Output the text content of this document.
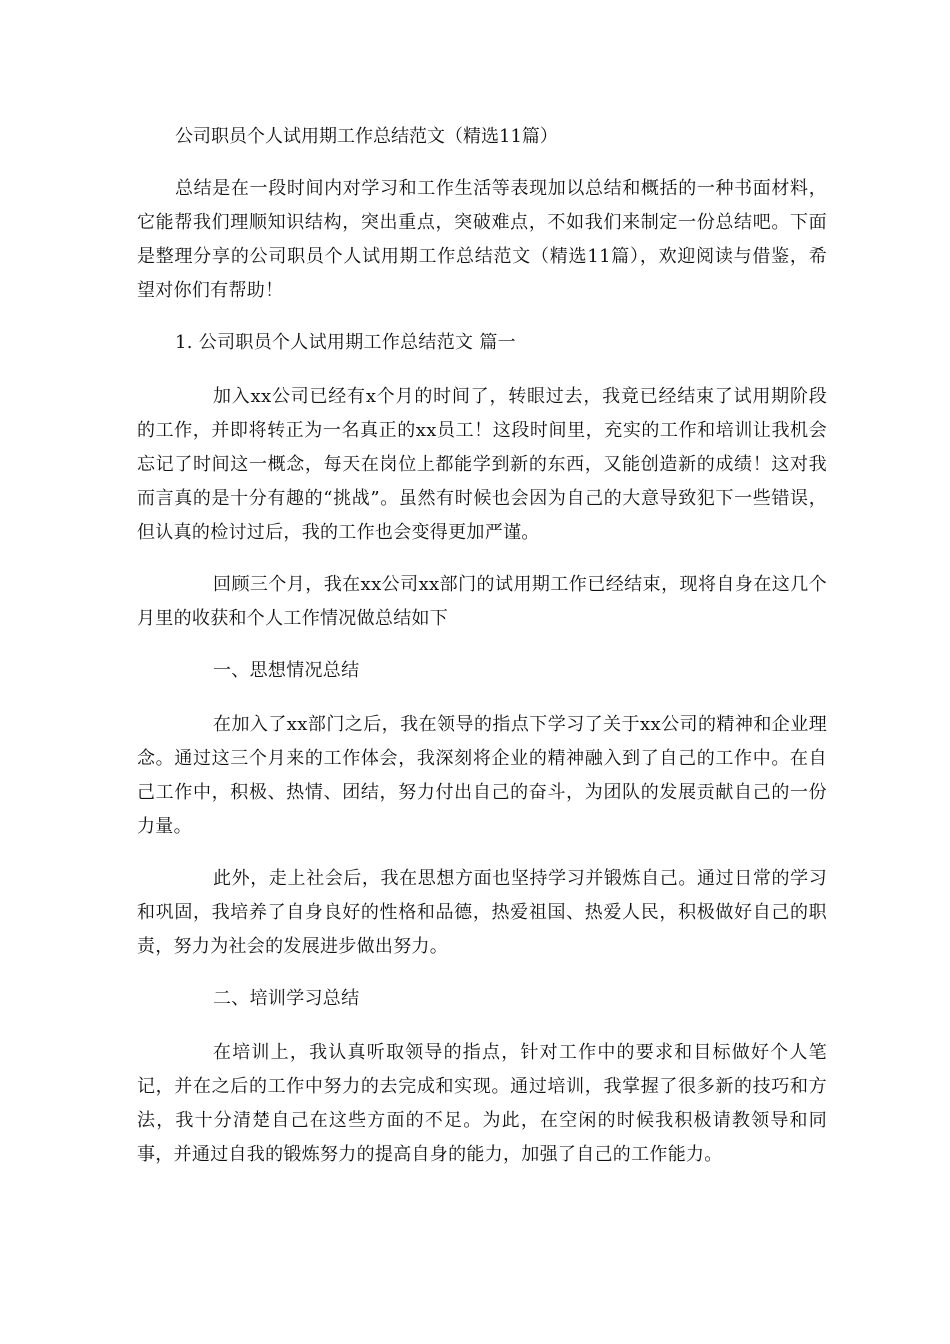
公司职员个人试用期工作总结范文（精选11篇）

总结是在一段时间内对学习和工作生活等表现加以总结和概括的一种书面材料，它能帮我们理顺知识结构，突出重点，突破难点，不如我们来制定一份总结吧。下面是整理分享的公司职员个人试用期工作总结范文（精选11篇），欢迎阅读与借鉴，希望对你们有帮助！

1. 公司职员个人试用期工作总结范文 篇一

加入xx公司已经有x个月的时间了，转眼过去，我竟已经结束了试用期阶段的工作，并即将转正为一名真正的xx员工！这段时间里，充实的工作和培训让我机会忘记了时间这一概念，每天在岗位上都能学到新的东西，又能创造新的成绩！这对我而言真的是十分有趣的“挑战”。虽然有时候也会因为自己的大意导致犯下一些错误，但认真的检讨过后，我的工作也会变得更加严谨。

回顾三个月，我在xx公司xx部门的试用期工作已经结束，现将自身在这几个月里的收获和个人工作情况做总结如下

一、思想情况总结

在加入了xx部门之后，我在领导的指点下学习了关于xx公司的精神和企业理念。通过这三个月来的工作体会，我深刻将企业的精神融入到了自己的工作中。在自己工作中，积极、热情、团结，努力付出自己的奋斗，为团队的发展贡献自己的一份力量。

此外，走上社会后，我在思想方面也坚持学习并锻炼自己。通过日常的学习和巩固，我培养了自身良好的性格和品德，热爱祖国、热爱人民，积极做好自己的职责，努力为社会的发展进步做出努力。

二、培训学习总结

在培训上，我认真听取领导的指点，针对工作中的要求和目标做好个人笔记，并在之后的工作中努力的去完成和实现。通过培训，我掌握了很多新的技巧和方法，我十分清楚自己在这些方面的不足。为此，在空闲的时候我积极请教领导和同事，并通过自我的锻炼努力的提高自身的能力，加强了自己的工作能力。
